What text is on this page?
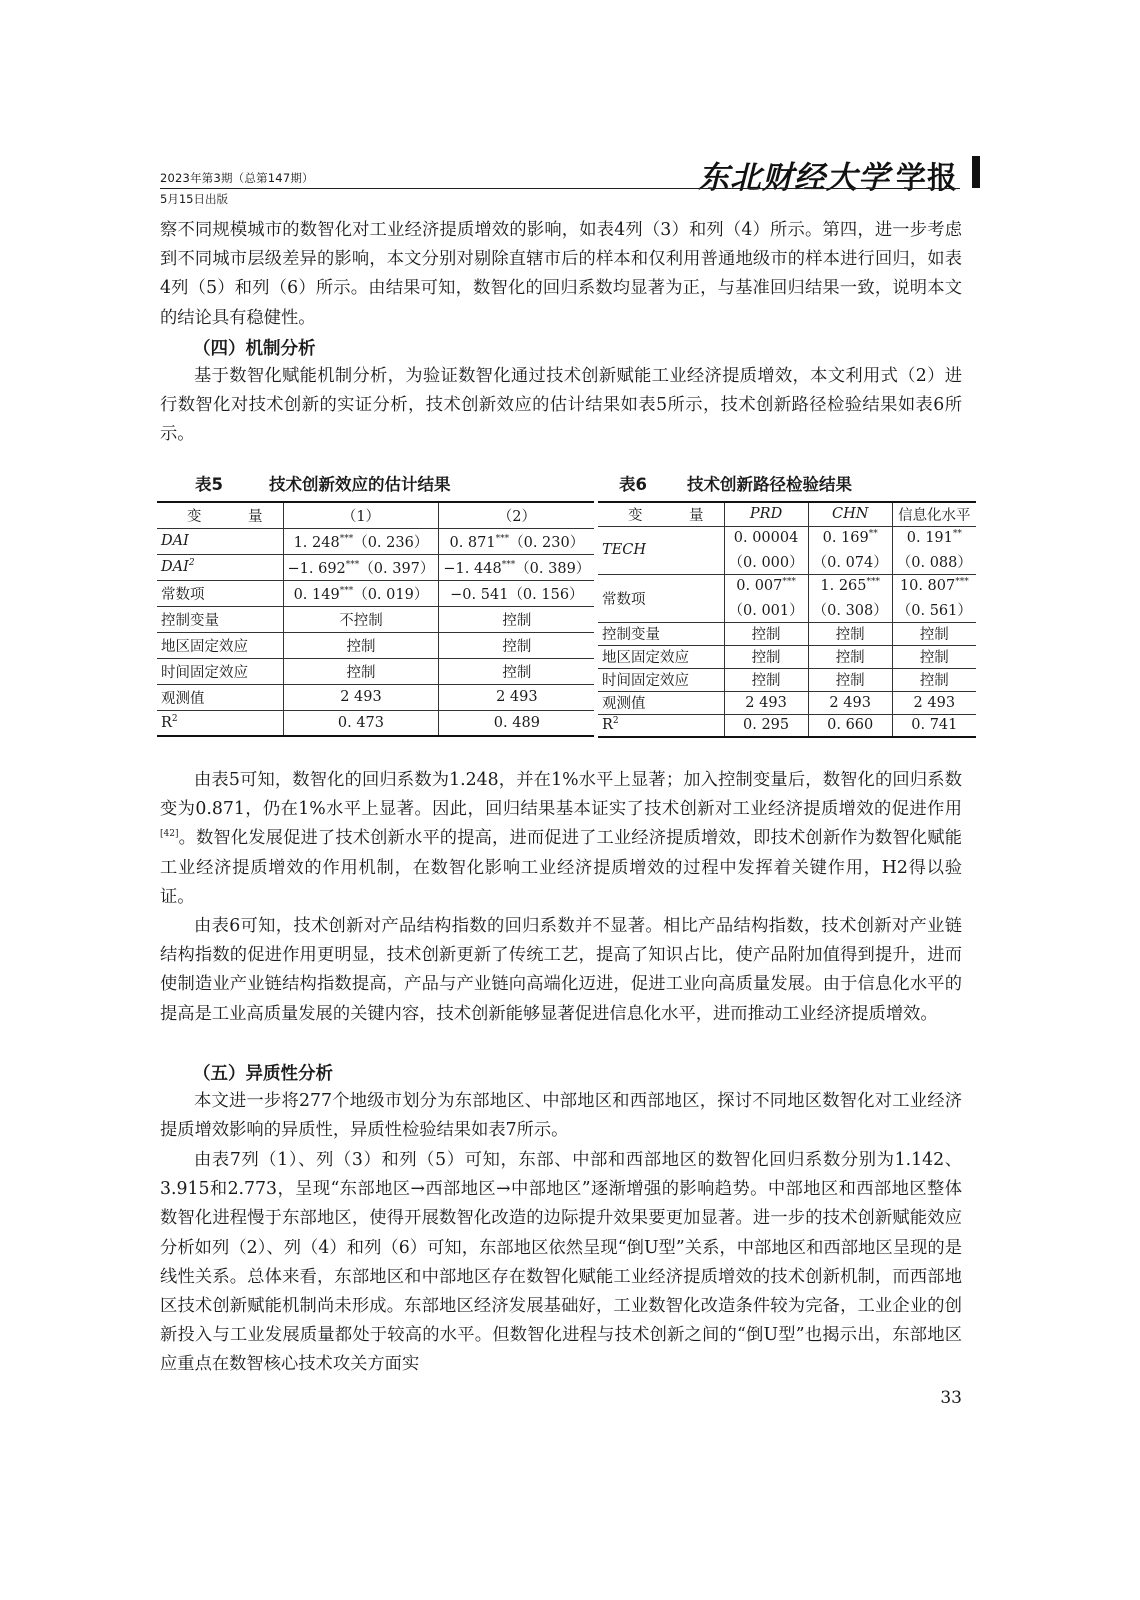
2023年第3期（总第147期）
5月15日出版
东北财经大学 学报

察不同规模城市的数智化对工业经济提质增效的影响，如表4列（3）和列（4）所示。第四，进一步考虑到不同城市层级差异的影响，本文分别对剔除直辖市后的样本和仅利用普通地级市的样本进行回归，如表4列（5）和列（6）所示。由结果可知，数智化的回归系数均显著为正，与基准回归结果一致，说明本文的结论具有稳健性。

（四）机制分析

基于数智化赋能机制分析，为验证数智化通过技术创新赋能工业经济提质增效，本文利用式（2）进行数智化对技术创新的实证分析，技术创新效应的估计结果如表5所示，技术创新路径检验结果如表6所示。

表5	技术创新效应的估计结果
变　量	（1）	（2）
DAI	1. 248***（0. 236）	0. 871***（0. 230）
$DAI^2$	−1. 692***（0. 397）	−1. 448***（0. 389）
常数项	0. 149***（0. 019）	−0. 541（0. 156）
控制变量	不控制	控制
地区固定效应	控制	控制
时间固定效应	控制	控制
观测值	2 493	2 493
$R^2$	0. 473	0. 489
表6 技术创新路径检验结果
变　量	PRD	CHN	信息化水平
TECH	0. 00004	0. 169**	0. 191**
	（0. 000）	（0. 074）	（0. 088）
常数项	0. 007***	1. 265***	10. 807***
	（0. 001）	（0. 308）	（0. 561）
控制变量	控制	控制	控制
地区固定效应	控制	控制	控制
时间固定效应	控制	控制	控制
观测值	2 493	2 493	2 493
$R^2$	0. 295	0. 660	0. 741

由表5可知，数智化的回归系数为1.248，并在1%水平上显著；加入控制变量后，数智化的回归系数变为0.871，仍在1%水平上显著。因此，回归结果基本证实了技术创新对工业经济提质增效的促进作用[42]。数智化发展促进了技术创新水平的提高，进而促进了工业经济提质增效，即技术创新作为数智化赋能工业经济提质增效的作用机制，在数智化影响工业经济提质增效的过程中发挥着关键作用，H2得以验证。

由表6可知，技术创新对产品结构指数的回归系数并不显著。相比产品结构指数，技术创新对产业链结构指数的促进作用更明显，技术创新更新了传统工艺，提高了知识占比，使产品附加值得到提升，进而使制造业产业链结构指数提高，产品与产业链向高端化迈进，促进工业向高质量发展。由于信息化水平的提高是工业高质量发展的关键内容，技术创新能够显著促进信息化水平，进而推动工业经济提质增效。

（五）异质性分析

本文进一步将277个地级市划分为东部地区、中部地区和西部地区，探讨不同地区数智化对工业经济提质增效影响的异质性，异质性检验结果如表7所示。

由表7列（1）、列（3）和列（5）可知，东部、中部和西部地区的数智化回归系数分别为1.142、3.915和2.773，呈现“东部地区→西部地区→中部地区”逐渐增强的影响趋势。中部地区和西部地区整体数智化进程慢于东部地区，使得开展数智化改造的边际提升效果要更加显著。进一步的技术创新赋能效应分析如列（2）、列（4）和列（6）可知，东部地区依然呈现“倒U型”关系，中部地区和西部地区呈现的是线性关系。总体来看，东部地区和中部地区存在数智化赋能工业经济提质增效的技术创新机制，而西部地区技术创新赋能机制尚未形成。东部地区经济发展基础好，工业数智化改造条件较为完备，工业企业的创新投入与工业发展质量都处于较高的水平。但数智化进程与技术创新之间的“倒U型”也揭示出，东部地区应重点在数智核心技术攻关方面实

33
